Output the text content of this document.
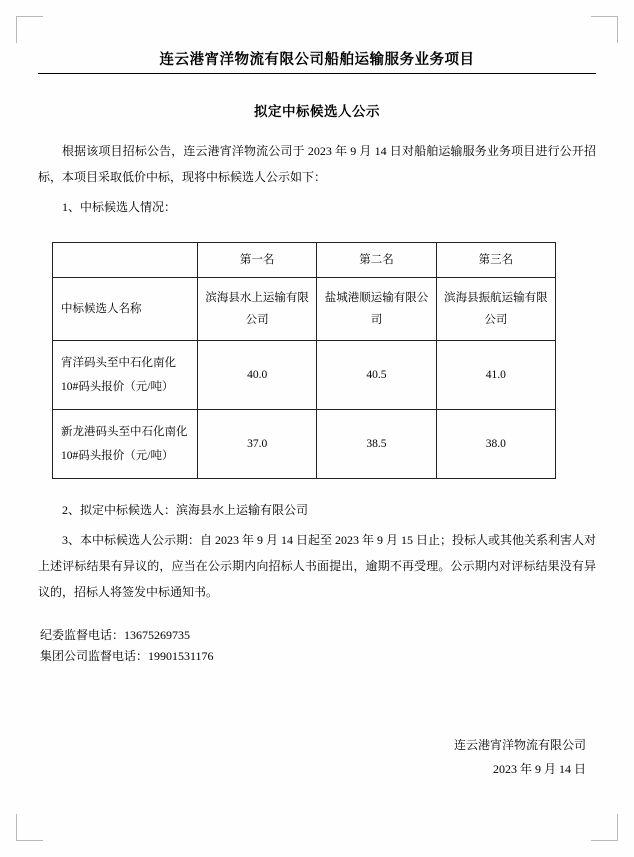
连云港宵洋物流有限公司船舶运输服务业务项目
拟定中标候选人公示
根据该项目招标公告，连云港宵洋物流公司于 2023 年 9 月 14 日对船舶运输服务业务项目进行公开招标，本项目采取低价中标，现将中标候选人公示如下：
1、中标候选人情况：
	第一名	第二名	第三名
中标候选人名称	滨海县水上运输有限公司	盐城港顺运输有限公司	滨海县振航运输有限公司
宵洋码头至中石化南化 10#码头报价（元/吨）	40.0	40.5	41.0
新龙港码头至中石化南化 10#码头报价（元/吨）	37.0	38.5	38.0
2、拟定中标候选人：滨海县水上运输有限公司
3、本中标候选人公示期：自 2023 年 9 月 14 日起至 2023 年 9 月 15 日止；投标人或其他关系利害人对上述评标结果有异议的，应当在公示期内向招标人书面提出，逾期不再受理。公示期内对评标结果没有异议的，招标人将签发中标通知书。
纪委监督电话：13675269735
集团公司监督电话：19901531176
连云港宵洋物流有限公司
2023 年 9 月 14 日
